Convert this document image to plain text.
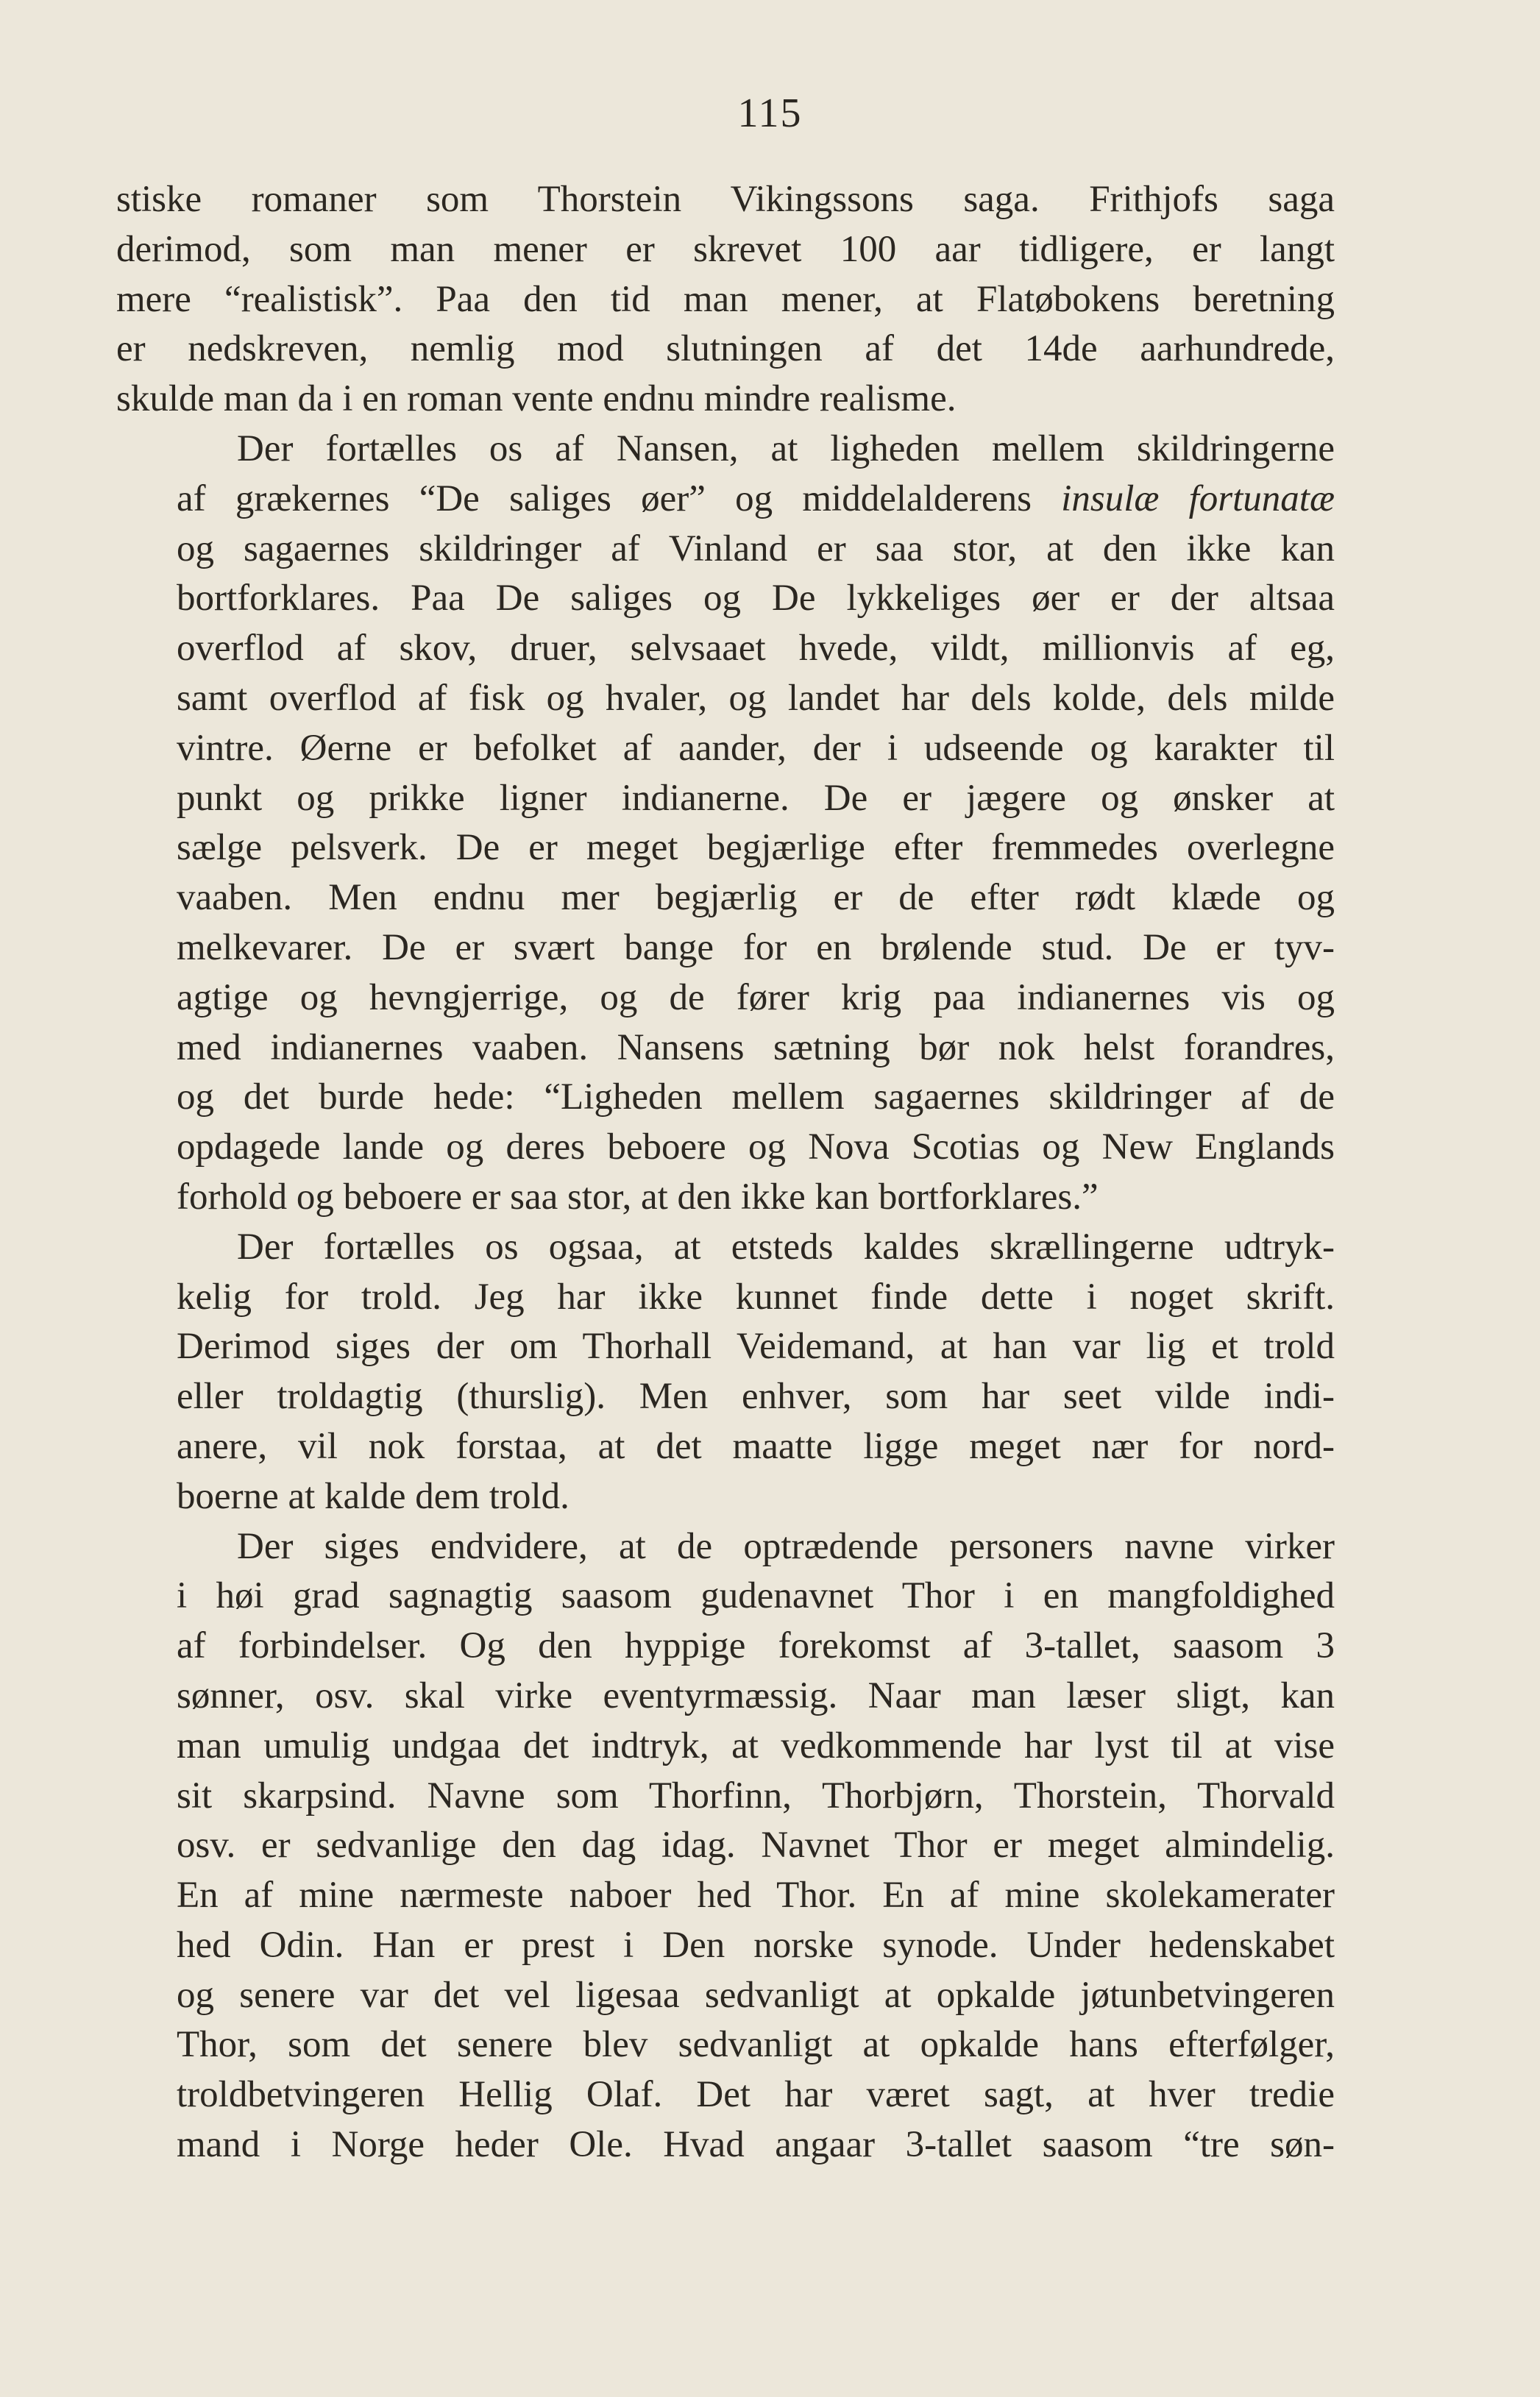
115
stiske romaner som Thorstein Vikingssons saga. Frithjofs saga
derimod, som man mener er skrevet 100 aar tidligere, er langt
mere “realistisk”. Paa den tid man mener, at Flatøbokens beretning
er nedskreven, nemlig mod slutningen af det 14de aarhundrede,
skulde man da i en roman vente endnu mindre realisme.
Der fortælles os af Nansen, at ligheden mellem skildringerne
af grækernes “De saliges øer” og middelalderens insulæ fortunatæ
og sagaernes skildringer af Vinland er saa stor, at den ikke kan
bortforklares. Paa De saliges og De lykkeliges øer er der altsaa
overflod af skov, druer, selvsaaet hvede, vildt, millionvis af eg,
samt overflod af fisk og hvaler, og landet har dels kolde, dels milde
vintre. Øerne er befolket af aander, der i udseende og karakter til
punkt og prikke ligner indianerne. De er jægere og ønsker at
sælge pelsverk. De er meget begjærlige efter fremmedes overlegne
vaaben. Men endnu mer begjærlig er de efter rødt klæde og
melkevarer. De er svært bange for en brølende stud. De er tyv-
agtige og hevngjerrige, og de fører krig paa indianernes vis og
med indianernes vaaben. Nansens sætning bør nok helst forandres,
og det burde hede: “Ligheden mellem sagaernes skildringer af de
opdagede lande og deres beboere og Nova Scotias og New Englands
forhold og beboere er saa stor, at den ikke kan bortforklares.”
Der fortælles os ogsaa, at etsteds kaldes skrællingerne udtryk-
kelig for trold. Jeg har ikke kunnet finde dette i noget skrift.
Derimod siges der om Thorhall Veidemand, at han var lig et trold
eller troldagtig (thurslig). Men enhver, som har seet vilde indi-
anere, vil nok forstaa, at det maatte ligge meget nær for nord-
boerne at kalde dem trold.
Der siges endvidere, at de optrædende personers navne virker
i høi grad sagnagtig saasom gudenavnet Thor i en mangfoldighed
af forbindelser. Og den hyppige forekomst af 3-tallet, saasom 3
sønner, osv. skal virke eventyrmæssig. Naar man læser sligt, kan
man umulig undgaa det indtryk, at vedkommende har lyst til at vise
sit skarpsind. Navne som Thorfinn, Thorbjørn, Thorstein, Thorvald
osv. er sedvanlige den dag idag. Navnet Thor er meget almindelig.
En af mine nærmeste naboer hed Thor. En af mine skolekamerater
hed Odin. Han er prest i Den norske synode. Under hedenskabet
og senere var det vel ligesaa sedvanligt at opkalde jøtunbetvingeren
Thor, som det senere blev sedvanligt at opkalde hans efterfølger,
troldbetvingeren Hellig Olaf. Det har været sagt, at hver tredie
mand i Norge heder Ole. Hvad angaar 3-tallet saasom “tre søn-
